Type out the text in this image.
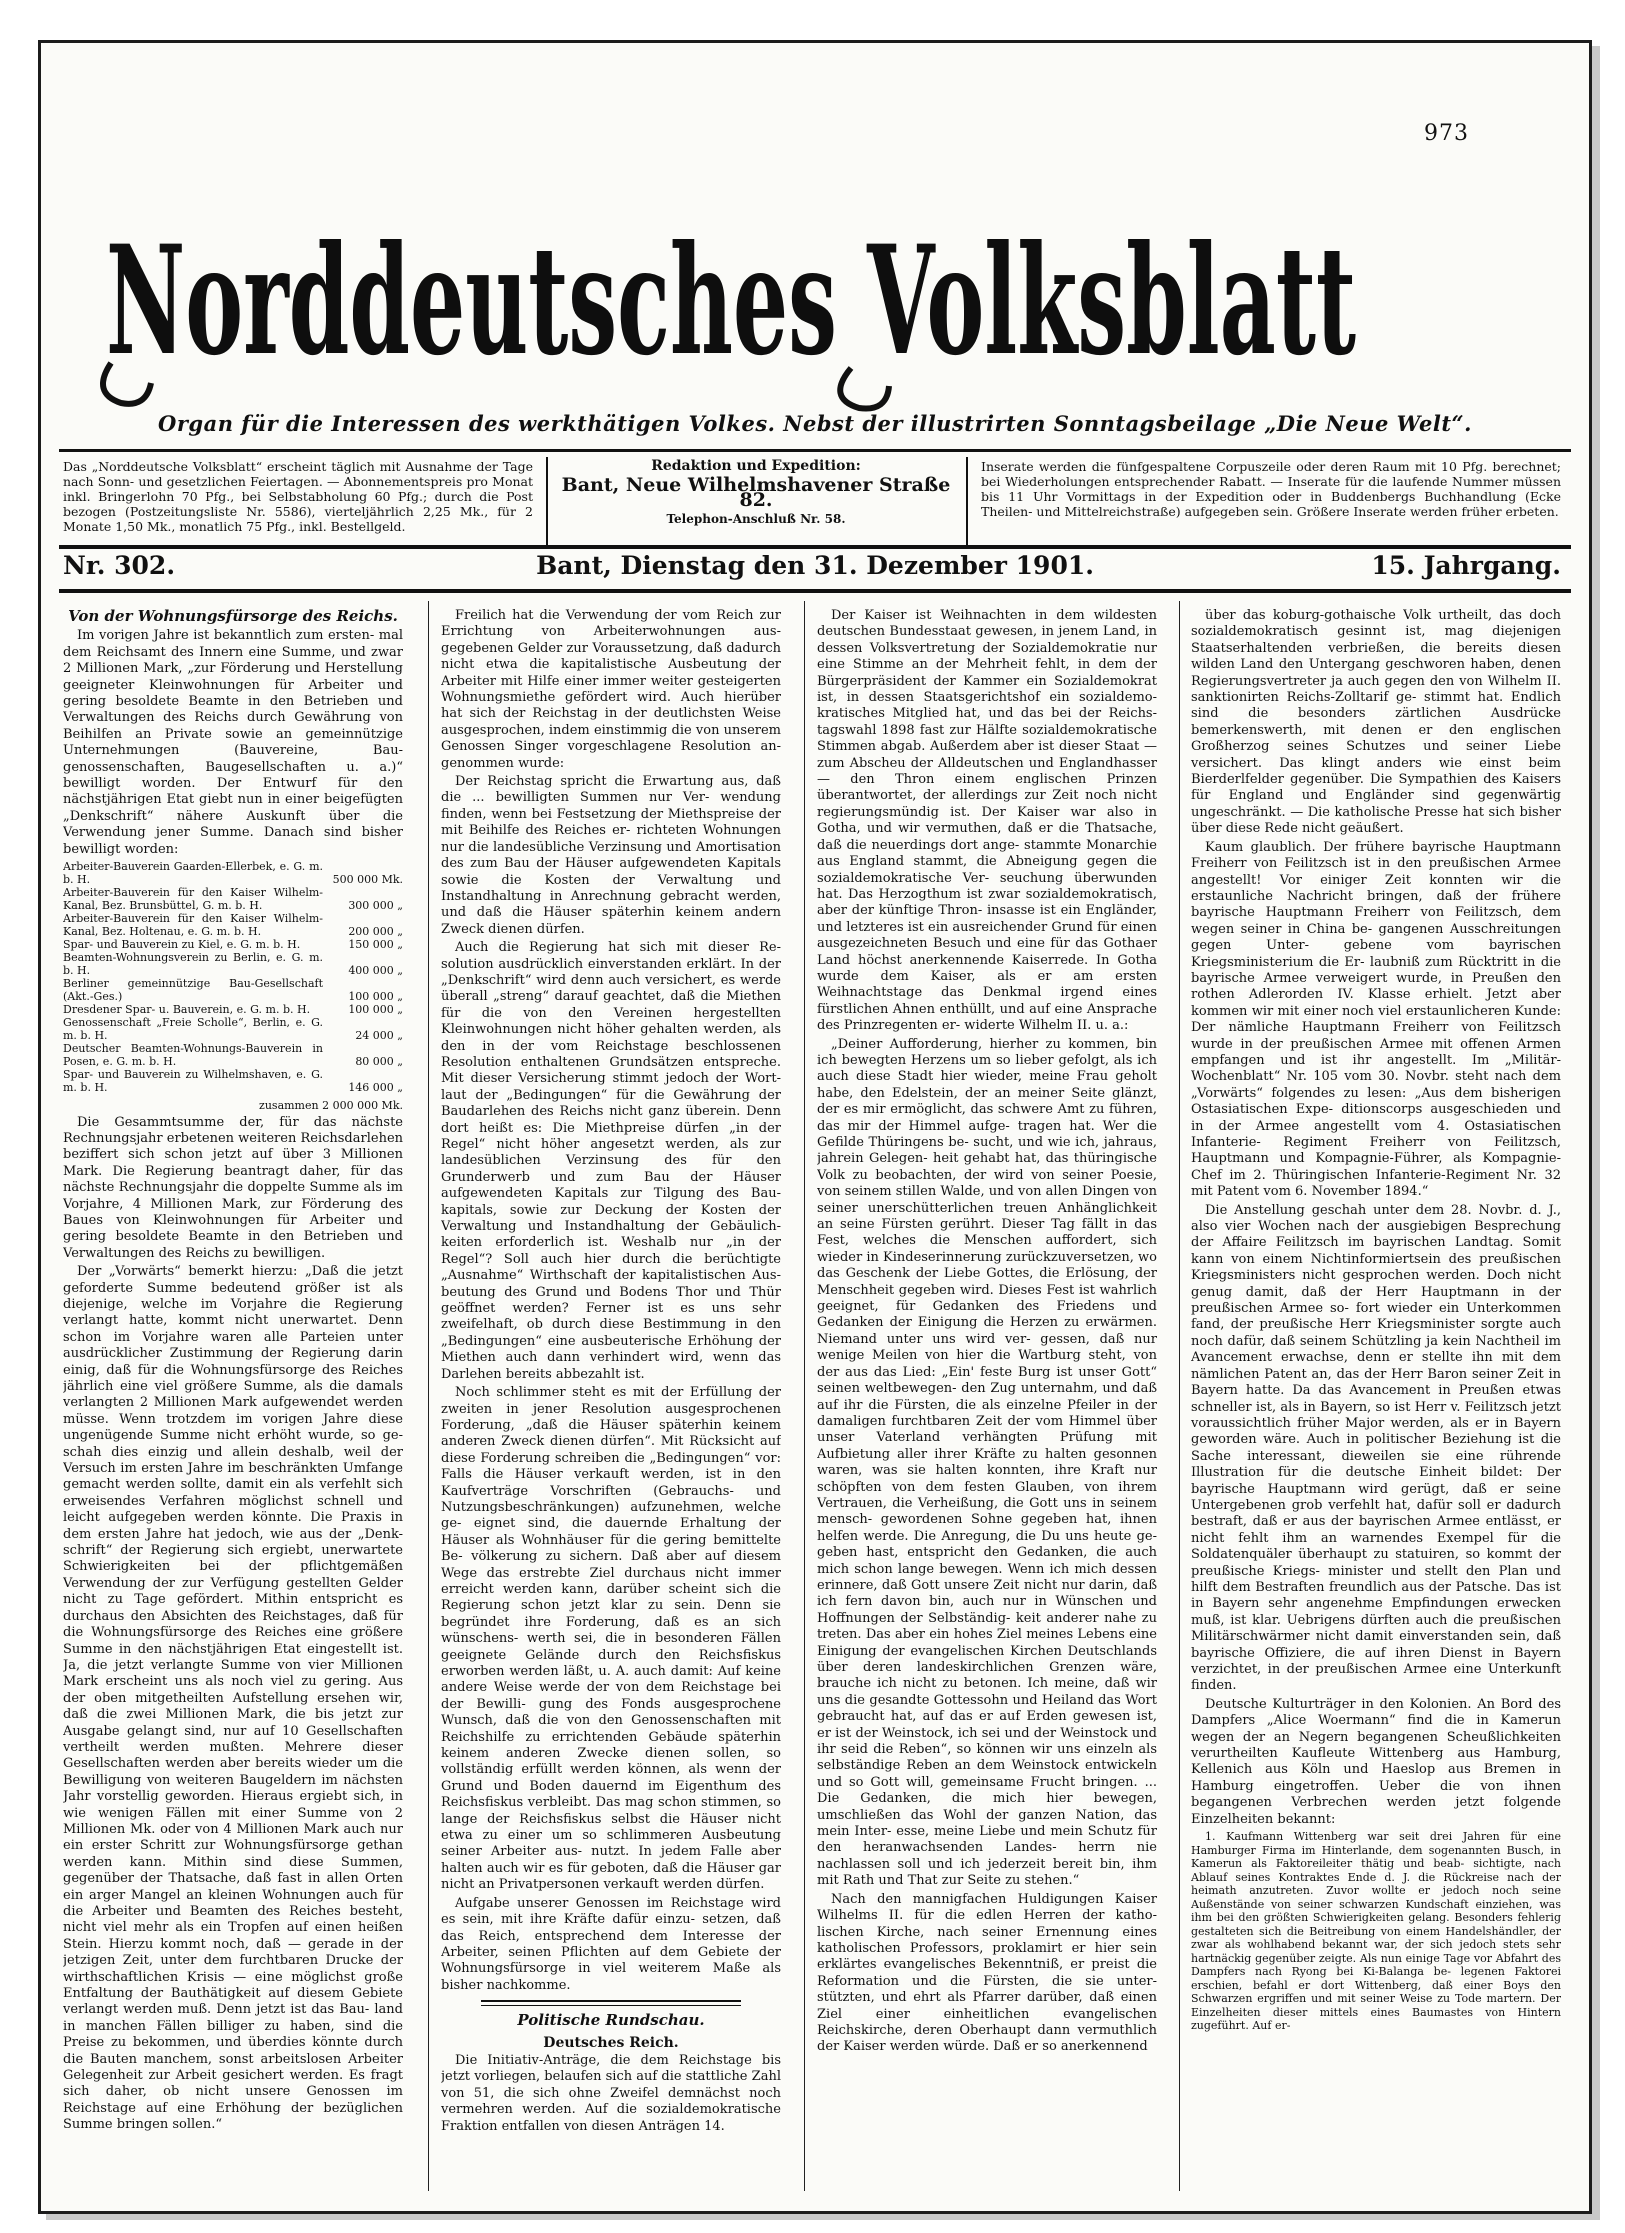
973
Norddeutsches Volksblatt
Organ für die Interessen des werkthätigen Volkes. Nebst der illustrirten Sonntagsbeilage „Die Neue Welt“.
Das „Norddeutsche Volksblatt“ erscheint täglich mit Ausnahme der Tage nach Sonn- und gesetzlichen Feiertagen. — Abonnementspreis pro Monat inkl. Bringerlohn 70 Pfg., bei Selbstabholung 60 Pfg.; durch die Post bezogen (Postzeitungsliste Nr. 5586), vierteljährlich 2,25 Mk., für 2 Monate 1,50 Mk., monatlich 75 Pfg., inkl. Bestellgeld.
Redaktion und Expedition:
Bant, Neue Wilhelmshavener Straße 82.
Telephon-Anschluß Nr. 58.
Inserate werden die fünfgespaltene Corpuszeile oder deren Raum mit 10 Pfg. berechnet; bei Wiederholungen entsprechender Rabatt. — Inserate für die laufende Nummer müssen bis 11 Uhr Vormittags in der Expedition oder in Buddenbergs Buchhandlung (Ecke Theilen- und Mittelreichstraße) aufgegeben sein. Größere Inserate werden früher erbeten.
Bant, Dienstag den 31. Dezember 1901.
Nr. 302.	15. Jahrgang.

Von der Wohnungsfürsorge des Reichs.

Im vorigen Jahre ist bekanntlich zum ersten- mal dem Reichsamt des Innern eine Summe, und zwar 2 Millionen Mark, „zur Förderung und Herstellung geeigneter Kleinwohnungen für Arbeiter und gering besoldete Beamte in den Betrieben und Verwaltungen des Reichs durch Gewährung von Beihilfen an Private sowie an gemeinnützige Unternehmungen (Bauvereine, Bau- genossenschaften, Baugesellschaften u. a.)“ bewilligt worden. Der Entwurf für den nächstjährigen Etat giebt nun in einer beigefügten „Denkschrift“ nähere Auskunft über die Verwendung jener Summe. Danach sind bisher bewilligt worden:

Arbeiter-Bauverein Gaarden-Ellerbek, e. G. m. b. H.	500 000 Mk.
Arbeiter-Bauverein für den Kaiser Wilhelm- Kanal, Bez. Brunsbüttel, G. m. b. H.	300 000 „
Arbeiter-Bauverein für den Kaiser Wilhelm- Kanal, Bez. Holtenau, e. G. m. b. H.	200 000 „
Spar- und Bauverein zu Kiel, e. G. m. b. H.	150 000 „
Beamten-Wohnungsverein zu Berlin, e. G. m. b. H.	400 000 „
Berliner gemeinnützige Bau-Gesellschaft (Akt.-Ges.)	100 000 „
Dresdener Spar- u. Bauverein, e. G. m. b. H.	100 000 „
Genossenschaft „Freie Scholle“, Berlin, e. G. m. b. H.	24 000 „
Deutscher Beamten-Wohnungs-Bauverein in Posen, e. G. m. b. H.	80 000 „
Spar- und Bauverein zu Wilhelmshaven, e. G. m. b. H.	146 000 „
zusammen 2 000 000 Mk.

Die Gesammtsumme der, für das nächste Rechnungsjahr erbetenen weiteren Reichsdarlehen beziffert sich schon jetzt auf über 3 Millionen Mark. Die Regierung beantragt daher, für das nächste Rechnungsjahr die doppelte Summe als im Vorjahre, 4 Millionen Mark, zur Förderung des Baues von Kleinwohnungen für Arbeiter und gering besoldete Beamte in den Betrieben und Verwaltungen des Reichs zu bewilligen.

Der „Vorwärts“ bemerkt hierzu: „Daß die jetzt geforderte Summe bedeutend größer ist als diejenige, welche im Vorjahre die Regierung verlangt hatte, kommt nicht unerwartet. Denn schon im Vorjahre waren alle Parteien unter ausdrücklicher Zustimmung der Regierung darin einig, daß für die Wohnungsfürsorge des Reiches jährlich eine viel größere Summe, als die damals verlangten 2 Millionen Mark aufgewendet werden müsse. Wenn trotzdem im vorigen Jahre diese ungenügende Summe nicht erhöht wurde, so ge- schah dies einzig und allein deshalb, weil der Versuch im ersten Jahre im beschränkten Umfange gemacht werden sollte, damit ein als verfehlt sich erweisendes Verfahren möglichst schnell und leicht aufgegeben werden könnte. Die Praxis in dem ersten Jahre hat jedoch, wie aus der „Denk- schrift“ der Regierung sich ergiebt, unerwartete Schwierigkeiten bei der pflichtgemäßen Verwendung der zur Verfügung gestellten Gelder nicht zu Tage gefördert. Mithin entspricht es durchaus den Absichten des Reichstages, daß für die Wohnungsfürsorge des Reiches eine größere Summe in den nächstjährigen Etat eingestellt ist. Ja, die jetzt verlangte Summe von vier Millionen Mark erscheint uns als noch viel zu gering. Aus der oben mitgetheilten Aufstellung ersehen wir, daß die zwei Millionen Mark, die bis jetzt zur Ausgabe gelangt sind, nur auf 10 Gesellschaften vertheilt werden mußten. Mehrere dieser Gesellschaften werden aber bereits wieder um die Bewilligung von weiteren Baugeldern im nächsten Jahr vorstellig geworden. Hieraus ergiebt sich, in wie wenigen Fällen mit einer Summe von 2 Millionen Mk. oder von 4 Millionen Mark auch nur ein erster Schritt zur Wohnungsfürsorge gethan werden kann. Mithin sind diese Summen, gegenüber der Thatsache, daß fast in allen Orten ein arger Mangel an kleinen Wohnungen auch für die Arbeiter und Beamten des Reiches besteht, nicht viel mehr als ein Tropfen auf einen heißen Stein. Hierzu kommt noch, daß — gerade in der jetzigen Zeit, unter dem furchtbaren Drucke der wirthschaftlichen Krisis — eine möglichst große Entfaltung der Bauthätigkeit auf diesem Gebiete verlangt werden muß. Denn jetzt ist das Bau- land in manchen Fällen billiger zu haben, sind die Preise zu bekommen, und überdies könnte durch die Bauten manchem, sonst arbeitslosen Arbeiter Gelegenheit zur Arbeit gesichert werden. Es fragt sich daher, ob nicht unsere Genossen im Reichstage auf eine Erhöhung der bezüglichen Summe bringen sollen.“

Freilich hat die Verwendung der vom Reich zur Errichtung von Arbeiterwohnungen aus- gegebenen Gelder zur Voraussetzung, daß dadurch nicht etwa die kapitalistische Ausbeutung der Arbeiter mit Hilfe einer immer weiter gesteigerten Wohnungsmiethe gefördert wird. Auch hierüber hat sich der Reichstag in der deutlichsten Weise ausgesprochen, indem einstimmig die von unserem Genossen Singer vorgeschlagene Resolution an- genommen wurde:

Der Reichstag spricht die Erwartung aus, daß die ... bewilligten Summen nur Ver- wendung finden, wenn bei Festsetzung der Miethspreise der mit Beihilfe des Reiches er- richteten Wohnungen nur die landesübliche Verzinsung und Amortisation des zum Bau der Häuser aufgewendeten Kapitals sowie die Kosten der Verwaltung und Instandhaltung in Anrechnung gebracht werden, und daß die Häuser späterhin keinem andern Zweck dienen dürfen.

Auch die Regierung hat sich mit dieser Re- solution ausdrücklich einverstanden erklärt. In der „Denkschrift“ wird denn auch versichert, es werde überall „streng“ darauf geachtet, daß die Miethen für die von den Vereinen hergestellten Kleinwohnungen nicht höher gehalten werden, als den in der vom Reichstage beschlossenen Resolution enthaltenen Grundsätzen entspreche. Mit dieser Versicherung stimmt jedoch der Wort- laut der „Bedingungen“ für die Gewährung der Baudarlehen des Reichs nicht ganz überein. Denn dort heißt es: Die Miethpreise dürfen „in der Regel“ nicht höher angesetzt werden, als zur landesüblichen Verzinsung des für den Grunderwerb und zum Bau der Häuser aufgewendeten Kapitals zur Tilgung des Bau- kapitals, sowie zur Deckung der Kosten der Verwaltung und Instandhaltung der Gebäulich- keiten erforderlich ist. Weshalb nur „in der Regel“? Soll auch hier durch die berüchtigte „Ausnahme“ Wirthschaft der kapitalistischen Aus- beutung des Grund und Bodens Thor und Thür geöffnet werden? Ferner ist es uns sehr zweifelhaft, ob durch diese Bestimmung in den „Bedingungen“ eine ausbeuterische Erhöhung der Miethen auch dann verhindert wird, wenn das Darlehen bereits abbezahlt ist.

Noch schlimmer steht es mit der Erfüllung der zweiten in jener Resolution ausgesprochenen Forderung, „daß die Häuser späterhin keinem anderen Zweck dienen dürfen“. Mit Rücksicht auf diese Forderung schreiben die „Bedingungen“ vor: Falls die Häuser verkauft werden, ist in den Kaufverträge Vorschriften (Gebrauchs- und Nutzungsbeschränkungen) aufzunehmen, welche ge- eignet sind, die dauernde Erhaltung der Häuser als Wohnhäuser für die gering bemittelte Be- völkerung zu sichern. Daß aber auf diesem Wege das erstrebte Ziel durchaus nicht immer erreicht werden kann, darüber scheint sich die Regierung schon jetzt klar zu sein. Denn sie begründet ihre Forderung, daß es an sich wünschens- werth sei, die in besonderen Fällen geeignete Gelände durch den Reichsfiskus erworben werden läßt, u. A. auch damit: Auf keine andere Weise werde der von dem Reichstage bei der Bewilli- gung des Fonds ausgesprochene Wunsch, daß die von den Genossenschaften mit Reichshilfe zu errichtenden Gebäude späterhin keinem anderen Zwecke dienen sollen, so vollständig erfüllt werden können, als wenn der Grund und Boden dauernd im Eigenthum des Reichsfiskus verbleibt. Das mag schon stimmen, so lange der Reichsfiskus selbst die Häuser nicht etwa zu einer um so schlimmeren Ausbeutung seiner Arbeiter aus- nutzt. In jedem Falle aber halten auch wir es für geboten, daß die Häuser gar nicht an Privatpersonen verkauft werden dürfen.

Aufgabe unserer Genossen im Reichstage wird es sein, mit ihre Kräfte dafür einzu- setzen, daß das Reich, entsprechend dem Interesse der Arbeiter, seinen Pflichten auf dem Gebiete der Wohnungsfürsorge in viel weiterem Maße als bisher nachkomme.

Politische Rundschau.

Deutsches Reich.

Die Initiativ-Anträge, die dem Reichstage bis jetzt vorliegen, belaufen sich auf die stattliche Zahl von 51, die sich ohne Zweifel demnächst noch vermehren werden. Auf die sozialdemokratische Fraktion entfallen von diesen Anträgen 14.

Der Kaiser ist Weihnachten in dem wildesten deutschen Bundesstaat gewesen, in jenem Land, in dessen Volksvertretung der Sozialdemokratie nur eine Stimme an der Mehrheit fehlt, in dem der Bürgerpräsident der Kammer ein Sozialdemokrat ist, in dessen Staatsgerichtshof ein sozialdemo- kratisches Mitglied hat, und das bei der Reichs- tagswahl 1898 fast zur Hälfte sozialdemokratische Stimmen abgab. Außerdem aber ist dieser Staat — zum Abscheu der Alldeutschen und Englandhasser — den Thron einem englischen Prinzen überantwortet, der allerdings zur Zeit noch nicht regierungsmündig ist. Der Kaiser war also in Gotha, und wir vermuthen, daß er die Thatsache, daß die neuerdings dort ange- stammte Monarchie aus England stammt, die Abneigung gegen die sozialdemokratische Ver- seuchung überwunden hat. Das Herzogthum ist zwar sozialdemokratisch, aber der künftige Thron- insasse ist ein Engländer, und letzteres ist ein ausreichender Grund für einen ausgezeichneten Besuch und eine für das Gothaer Land höchst anerkennende Kaiserrede. In Gotha wurde dem Kaiser, als er am ersten Weihnachtstage das Denkmal irgend eines fürstlichen Ahnen enthüllt, und auf eine Ansprache des Prinzregenten er- widerte Wilhelm II. u. a.:

„Deiner Aufforderung, hierher zu kommen, bin ich bewegten Herzens um so lieber gefolgt, als ich auch diese Stadt hier wieder, meine Frau geholt habe, den Edelstein, der an meiner Seite glänzt, der es mir ermöglicht, das schwere Amt zu führen, das mir der Himmel aufge- tragen hat. Wer die Gefilde Thüringens be- sucht, und wie ich, jahraus, jahrein Gelegen- heit gehabt hat, das thüringische Volk zu beobachten, der wird von seiner Poesie, von seinem stillen Walde, und von allen Dingen von seiner unerschütterlichen treuen Anhänglichkeit an seine Fürsten gerührt. Dieser Tag fällt in das Fest, welches die Menschen auffordert, sich wieder in Kindeserinnerung zurückzuversetzen, wo das Geschenk der Liebe Gottes, die Erlösung, der Menschheit gegeben wird. Dieses Fest ist wahrlich geeignet, für Gedanken des Friedens und Gedanken der Einigung die Herzen zu erwärmen. Niemand unter uns wird ver- gessen, daß nur wenige Meilen von hier die Wartburg steht, von der aus das Lied: „Ein' feste Burg ist unser Gott“ seinen weltbewegen- den Zug unternahm, und daß auf ihr die Fürsten, die als einzelne Pfeiler in der damaligen furchtbaren Zeit der vom Himmel über unser Vaterland verhängten Prüfung mit Aufbietung aller ihrer Kräfte zu halten gesonnen waren, was sie halten konnten, ihre Kraft nur schöpften von dem festen Glauben, von ihrem Vertrauen, die Verheißung, die Gott uns in seinem mensch- gewordenen Sohne gegeben hat, ihnen helfen werde. Die Anregung, die Du uns heute ge- geben hast, entspricht den Gedanken, die auch mich schon lange bewegen. Wenn ich mich dessen erinnere, daß Gott unsere Zeit nicht nur darin, daß ich fern davon bin, auch nur in Wünschen und Hoffnungen der Selbständig- keit anderer nahe zu treten. Das aber ein hohes Ziel meines Lebens eine Einigung der evangelischen Kirchen Deutschlands über deren landeskirchlichen Grenzen wäre, brauche ich nicht zu betonen. Ich meine, daß wir uns die gesandte Gottessohn und Heiland das Wort gebraucht hat, auf das er auf Erden gewesen ist, er ist der Weinstock, ich sei und der Weinstock und ihr seid die Reben“, so können wir uns einzeln als selbständige Reben an dem Weinstock entwickeln und so Gott will, gemeinsame Frucht bringen. ... Die Gedanken, die mich hier bewegen, umschließen das Wohl der ganzen Nation, das mein Inter- esse, meine Liebe und mein Schutz für den heranwachsenden Landes- herrn nie nachlassen soll und ich jederzeit bereit bin, ihm mit Rath und That zur Seite zu stehen.“

Nach den mannigfachen Huldigungen Kaiser Wilhelms II. für die edlen Herren der katho- lischen Kirche, nach seiner Ernennung eines katholischen Professors, proklamirt er hier sein erklärtes evangelisches Bekenntniß, er preist die Reformation und die Fürsten, die sie unter- stützten, und ehrt als Pfarrer darüber, daß einen Ziel einer einheitlichen evangelischen Reichskirche, deren Oberhaupt dann vermuthlich der Kaiser werden würde. Daß er so anerkennend

über das koburg-gothaische Volk urtheilt, das doch sozialdemokratisch gesinnt ist, mag diejenigen Staatserhaltenden verbrießen, die bereits diesen wilden Land den Untergang geschworen haben, denen Regierungsvertreter ja auch gegen den von Wilhelm II. sanktionirten Reichs-Zolltarif ge- stimmt hat. Endlich sind die besonders zärtlichen Ausdrücke bemerkenswerth, mit denen er den englischen Großherzog seines Schutzes und seiner Liebe versichert. Das klingt anders wie einst beim Bierderlfelder gegenüber. Die Sympathien des Kaisers für England und Engländer sind gegenwärtig ungeschränkt. — Die katholische Presse hat sich bisher über diese Rede nicht geäußert.

Kaum glaublich. Der frühere bayrische Hauptmann Freiherr von Feilitzsch ist in den preußischen Armee angestellt! Vor einiger Zeit konnten wir die erstaunliche Nachricht bringen, daß der frühere bayrische Hauptmann Freiherr von Feilitzsch, dem wegen seiner in China be- gangenen Ausschreitungen gegen Unter- gebene vom bayrischen Kriegsministerium die Er- laubniß zum Rücktritt in die bayrische Armee verweigert wurde, in Preußen den rothen Adlerorden IV. Klasse erhielt. Jetzt aber kommen wir mit einer noch viel erstaunlicheren Kunde: Der nämliche Hauptmann Freiherr von Feilitzsch wurde in der preußischen Armee mit offenen Armen empfangen und ist ihr angestellt. Im „Militär-Wochenblatt“ Nr. 105 vom 30. Novbr. steht nach dem „Vorwärts“ folgendes zu lesen: „Aus dem bisherigen Ostasiatischen Expe- ditionscorps ausgeschieden und in der Armee angestellt vom 4. Ostasiatischen Infanterie- Regiment Freiherr von Feilitzsch, Hauptmann und Kompagnie-Führer, als Kompagnie-Chef im 2. Thüringischen Infanterie-Regiment Nr. 32 mit Patent vom 6. November 1894.“

Die Anstellung geschah unter dem 28. Novbr. d. J., also vier Wochen nach der ausgiebigen Besprechung der Affaire Feilitzsch im bayrischen Landtag. Somit kann von einem Nichtinformiertsein des preußischen Kriegsministers nicht gesprochen werden. Doch nicht genug damit, daß der Herr Hauptmann in der preußischen Armee so- fort wieder ein Unterkommen fand, der preußische Herr Kriegsminister sorgte auch noch dafür, daß seinem Schützling ja kein Nachtheil im Avancement erwachse, denn er stellte ihn mit dem nämlichen Patent an, das der Herr Baron seiner Zeit in Bayern hatte. Da das Avancement in Preußen etwas schneller ist, als in Bayern, so ist Herr v. Feilitzsch jetzt voraussichtlich früher Major werden, als er in Bayern geworden wäre. Auch in politischer Beziehung ist die Sache interessant, dieweilen sie eine rührende Illustration für die deutsche Einheit bildet: Der bayrische Hauptmann wird gerügt, daß er seine Untergebenen grob verfehlt hat, dafür soll er dadurch bestraft, daß er aus der bayrischen Armee entlässt, er nicht fehlt ihm an warnendes Exempel für die Soldatenquäler überhaupt zu statuiren, so kommt der preußische Kriegs- minister und stellt den Plan und hilft dem Bestraften freundlich aus der Patsche. Das ist in Bayern sehr angenehme Empfindungen erwecken muß, ist klar. Uebrigens dürften auch die preußischen Militärschwärmer nicht damit einverstanden sein, daß bayrische Offiziere, die auf ihren Dienst in Bayern verzichtet, in der preußischen Armee eine Unterkunft finden.

Deutsche Kulturträger in den Kolonien. An Bord des Dampfers „Alice Woermann“ find die in Kamerun wegen der an Negern begangenen Scheußlichkeiten verurtheilten Kaufleute Wittenberg aus Hamburg, Kellenich aus Köln und Haeslop aus Bremen in Hamburg eingetroffen. Ueber die von ihnen begangenen Verbrechen werden jetzt folgende Einzelheiten bekannt:

1. Kaufmann Wittenberg war seit drei Jahren für eine Hamburger Firma im Hinterlande, dem sogenannten Busch, in Kamerun als Faktoreileiter thätig und beab- sichtigte, nach Ablauf seines Kontraktes Ende d. J. die Rückreise nach der heimath anzutreten. Zuvor wollte er jedoch noch seine Außenstände von seiner schwarzen Kundschaft einziehen, was ihm bei den größten Schwierigkeiten gelang. Besonders fehlerig gestalteten sich die Beitreibung von einem Handelshändler, der zwar als wohlhabend bekannt war, der sich jedoch stets sehr hartnäckig gegenüber zeigte. Als nun einige Tage vor Abfahrt des Dampfers nach Ryong bei Ki-Balanga be- legenen Faktorei erschien, befahl er dort Wittenberg, daß einer Boys den Schwarzen ergriffen und mit seiner Weise zu Tode martern. Der Einzelheiten dieser mittels eines Baumastes von Hintern zugeführt. Auf er-
